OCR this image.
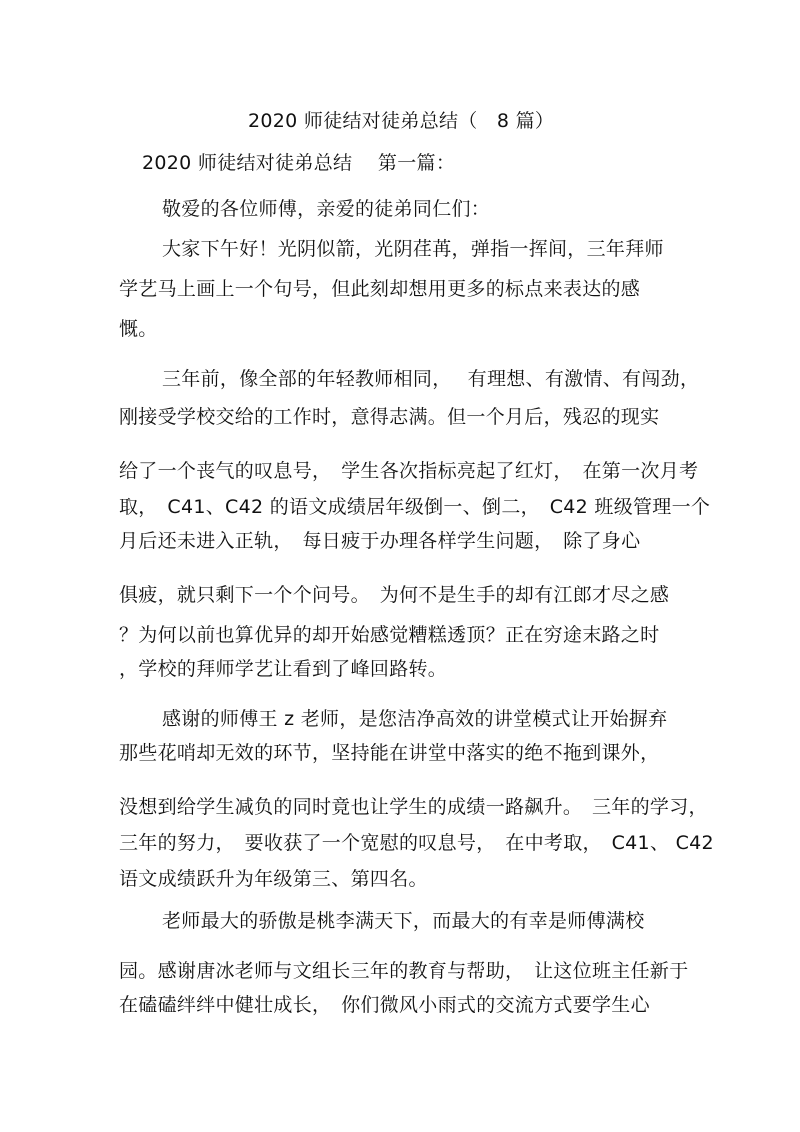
2020 师徒结对徒弟总结（　8 篇）
2020 师徒结对徒弟总结　 第一篇：
敬爱的各位师傅，亲爱的徒弟同仁们：
大家下午好！光阴似箭，光阴荏苒，弹指一挥间，三年拜师
学艺马上画上一个句号，但此刻却想用更多的标点来表达的感
慨。
三年前，像全部的年轻教师相同，　 有理想、有激情、有闯劲，
刚接受学校交给的工作时，意得志满。但一个月后，残忍的现实
给了一个丧气的叹息号，　学生各次指标亮起了红灯，　在第一次月考
取，　C41、C42 的语文成绩居年级倒一、倒二，　C42 班级管理一个
月后还未进入正轨，　每日疲于办理各样学生问题，　除了身心
俱疲，就只剩下一个个问号。　为何不是生手的却有江郎才尽之感
？为何以前也算优异的却开始感觉糟糕透顶？正在穷途末路之时
，学校的拜师学艺让看到了峰回路转。
感谢的师傅王 z 老师，是您洁净高效的讲堂模式让开始摒弃
那些花哨却无效的环节，坚持能在讲堂中落实的绝不拖到课外，
没想到给学生减负的同时竟也让学生的成绩一路飙升。　三年的学习，
三年的努力，　要收获了一个宽慰的叹息号，　在中考取，　C41、 C42
语文成绩跃升为年级第三、第四名。
老师最大的骄傲是桃李满天下，而最大的有幸是师傅满校
园。感谢唐冰老师与文组长三年的教育与帮助，　让这位班主任新于
在磕磕绊绊中健壮成长，　你们微风小雨式的交流方式要学生心
